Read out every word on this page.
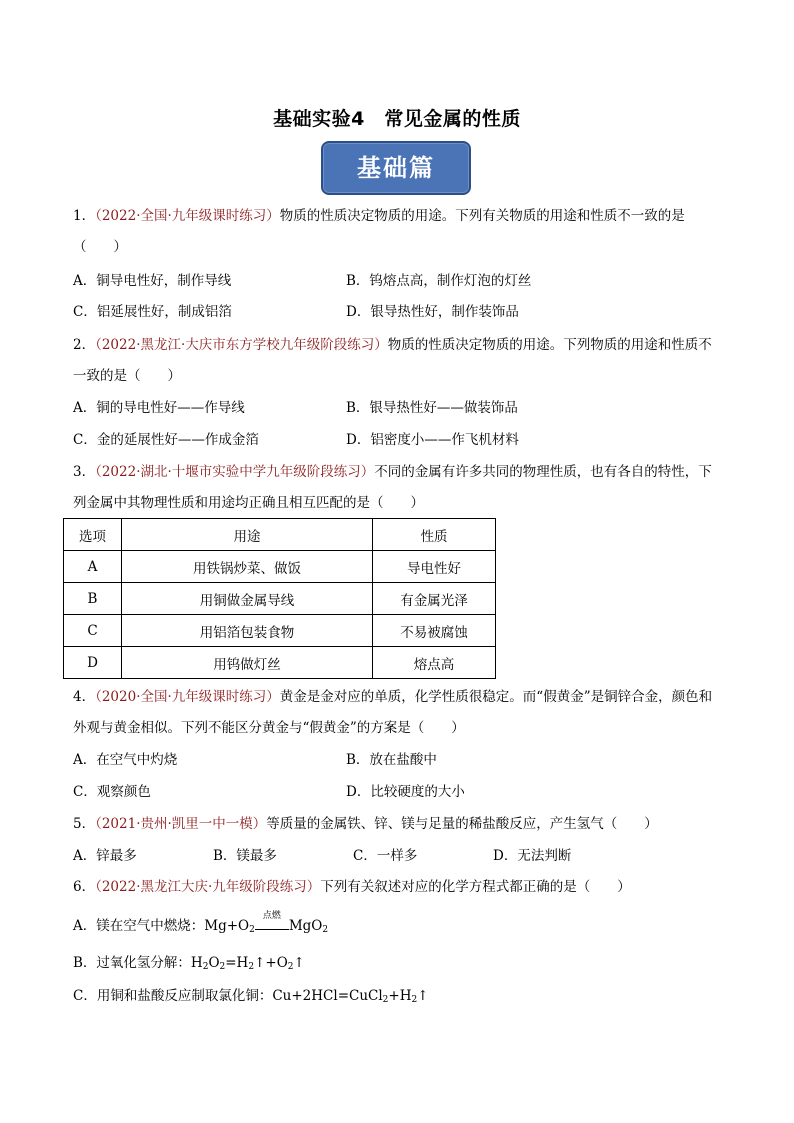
基础实验4　常见金属的性质
基础篇
1．（2022·全国·九年级课时练习）物质的性质决定物质的用途。下列有关物质的用途和性质不一致的是
（　　）
A．铜导电性好，制作导线	B．钨熔点高，制作灯泡的灯丝
C．铝延展性好，制成铝箔	D．银导热性好，制作装饰品
2．（2022·黑龙江·大庆市东方学校九年级阶段练习）物质的性质决定物质的用途。下列物质的用途和性质不
一致的是（　　）
A．铜的导电性好——作导线	B．银导热性好——做装饰品
C．金的延展性好——作成金箔	D．铝密度小——作飞机材料
3．（2022·湖北·十堰市实验中学九年级阶段练习）不同的金属有许多共同的物理性质，也有各自的特性，下
列金属中其物理性质和用途均正确且相互匹配的是（　　）
选项	用途	性质
A	用铁锅炒菜、做饭	导电性好
B	用铜做金属导线	有金属光泽
C	用铝箔包装食物	不易被腐蚀
D	用钨做灯丝	熔点高
4．（2020·全国·九年级课时练习）黄金是金对应的单质，化学性质很稳定。而“假黄金”是铜锌合金，颜色和
外观与黄金相似。下列不能区分黄金与“假黄金”的方案是（　　）
A．在空气中灼烧	B．放在盐酸中
C．观察颜色	D．比较硬度的大小
5．（2021·贵州·凯里一中一模）等质量的金属铁、锌、镁与足量的稀盐酸反应，产生氢气（　　）
A．锌最多	B．镁最多	C．一样多	D．无法判断
6．（2022·黑龙江大庆·九年级阶段练习）下列有关叙述对应的化学方程式都正确的是（　　）
A．镁在空气中燃烧：$Mg+O_2$
点燃
MgO$_2$
B．过氧化氢分解：$H_2O_2=H_2↑+O_2↑$
C．用铜和盐酸反应制取氯化铜：$Cu+2HCl=CuCl_2+H_2↑$
